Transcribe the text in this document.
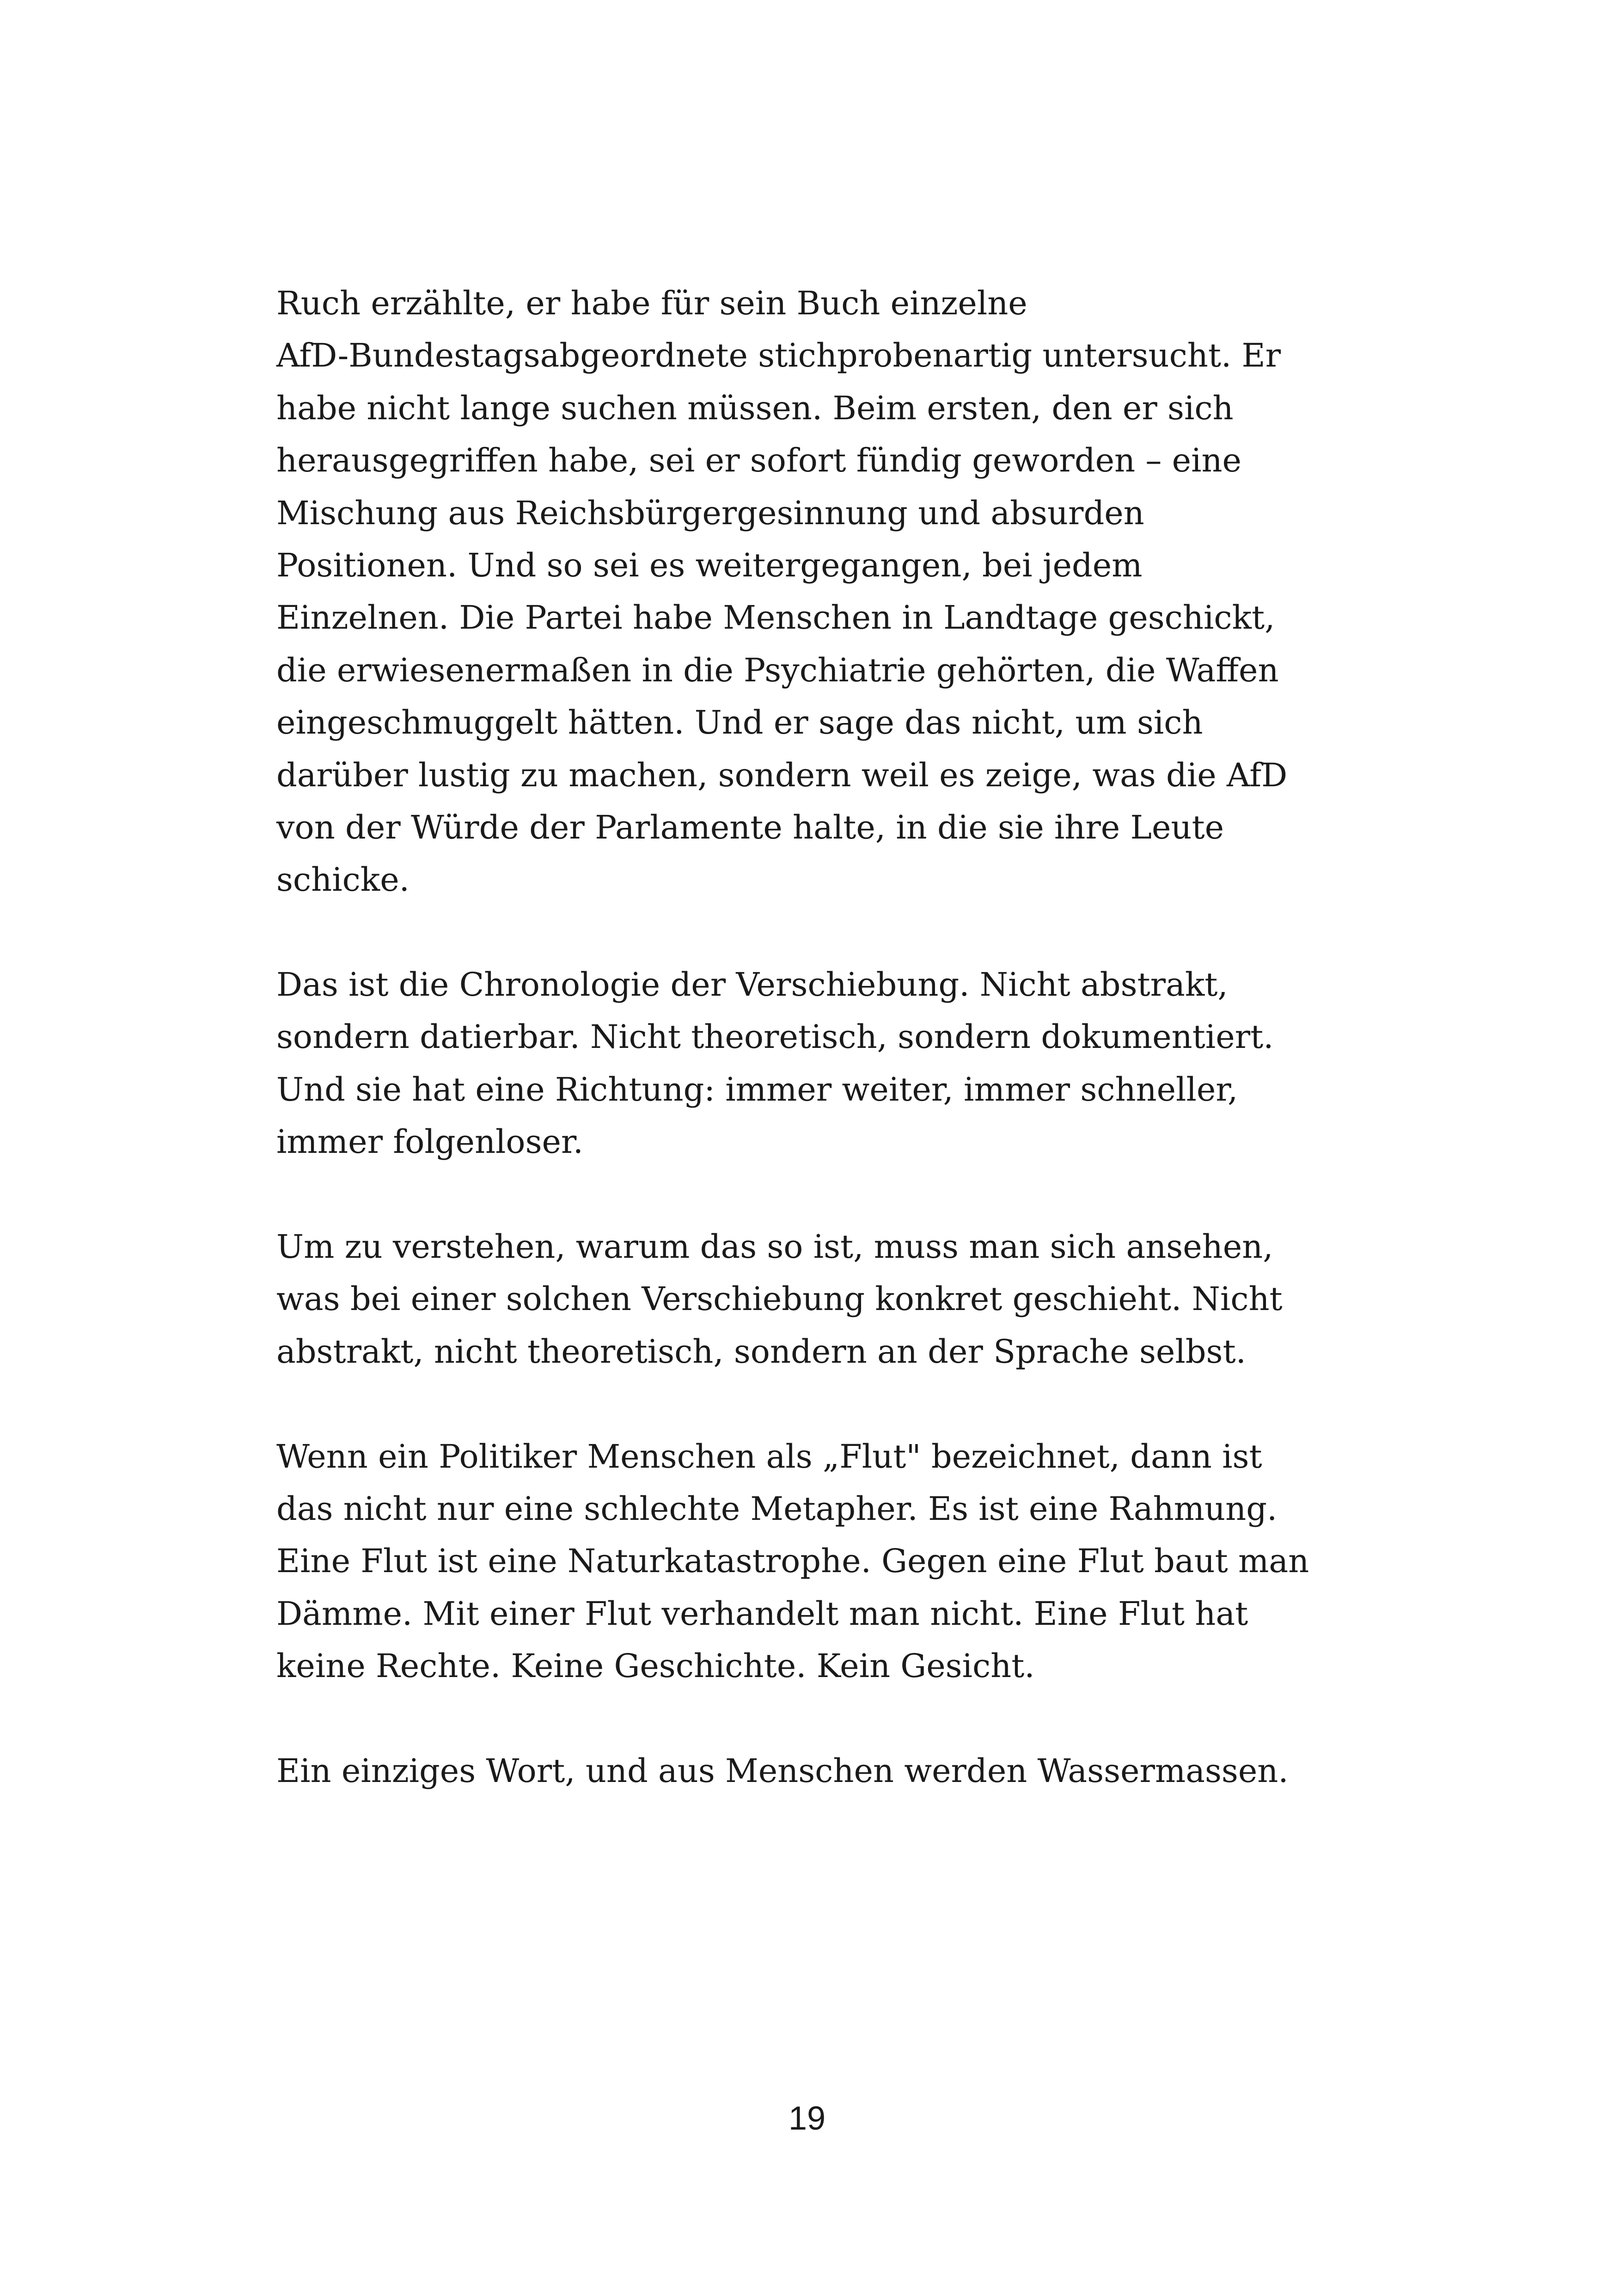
Ruch erzählte, er habe für sein Buch einzelne
AfD-Bundestagsabgeordnete stichprobenartig untersucht. Er
habe nicht lange suchen müssen. Beim ersten, den er sich
herausgegriffen habe, sei er sofort fündig geworden – eine
Mischung aus Reichsbürgergesinnung und absurden
Positionen. Und so sei es weitergegangen, bei jedem
Einzelnen. Die Partei habe Menschen in Landtage geschickt,
die erwiesenermaßen in die Psychiatrie gehörten, die Waffen
eingeschmuggelt hätten. Und er sage das nicht, um sich
darüber lustig zu machen, sondern weil es zeige, was die AfD
von der Würde der Parlamente halte, in die sie ihre Leute
schicke.
Das ist die Chronologie der Verschiebung. Nicht abstrakt,
sondern datierbar. Nicht theoretisch, sondern dokumentiert.
Und sie hat eine Richtung: immer weiter, immer schneller,
immer folgenloser.
Um zu verstehen, warum das so ist, muss man sich ansehen,
was bei einer solchen Verschiebung konkret geschieht. Nicht
abstrakt, nicht theoretisch, sondern an der Sprache selbst.
Wenn ein Politiker Menschen als „Flut" bezeichnet, dann ist
das nicht nur eine schlechte Metapher. Es ist eine Rahmung.
Eine Flut ist eine Naturkatastrophe. Gegen eine Flut baut man
Dämme. Mit einer Flut verhandelt man nicht. Eine Flut hat
keine Rechte. Keine Geschichte. Kein Gesicht.
Ein einziges Wort, und aus Menschen werden Wassermassen.
19
